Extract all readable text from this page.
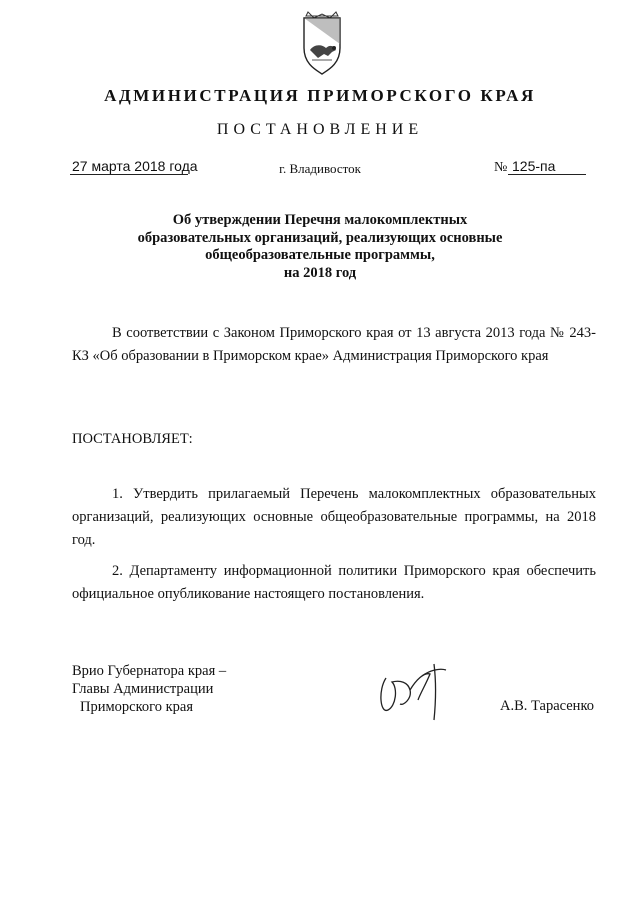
АДМИНИСТРАЦИЯ ПРИМОРСКОГО КРАЯ
ПОСТАНОВЛЕНИЕ
27 марта 2018 года	г. Владивосток	№ 125-па
Об утверждении Перечня малокомплектных
образовательных организаций, реализующих основные
общеобразовательные программы,
на 2018 год
В соответствии с Законом Приморского края от 13 августа 2013 года № 243-КЗ «Об образовании в Приморском крае» Администрация Приморского края
ПОСТАНОВЛЯЕТ:
1. Утвердить прилагаемый Перечень малокомплектных образовательных организаций, реализующих основные общеобразовательные программы, на 2018 год.
2. Департаменту информационной политики Приморского края обеспечить официальное опубликование настоящего постановления.
Врио Губернатора края –
Главы Администрации
Приморского края	А.В. Тарасенко
